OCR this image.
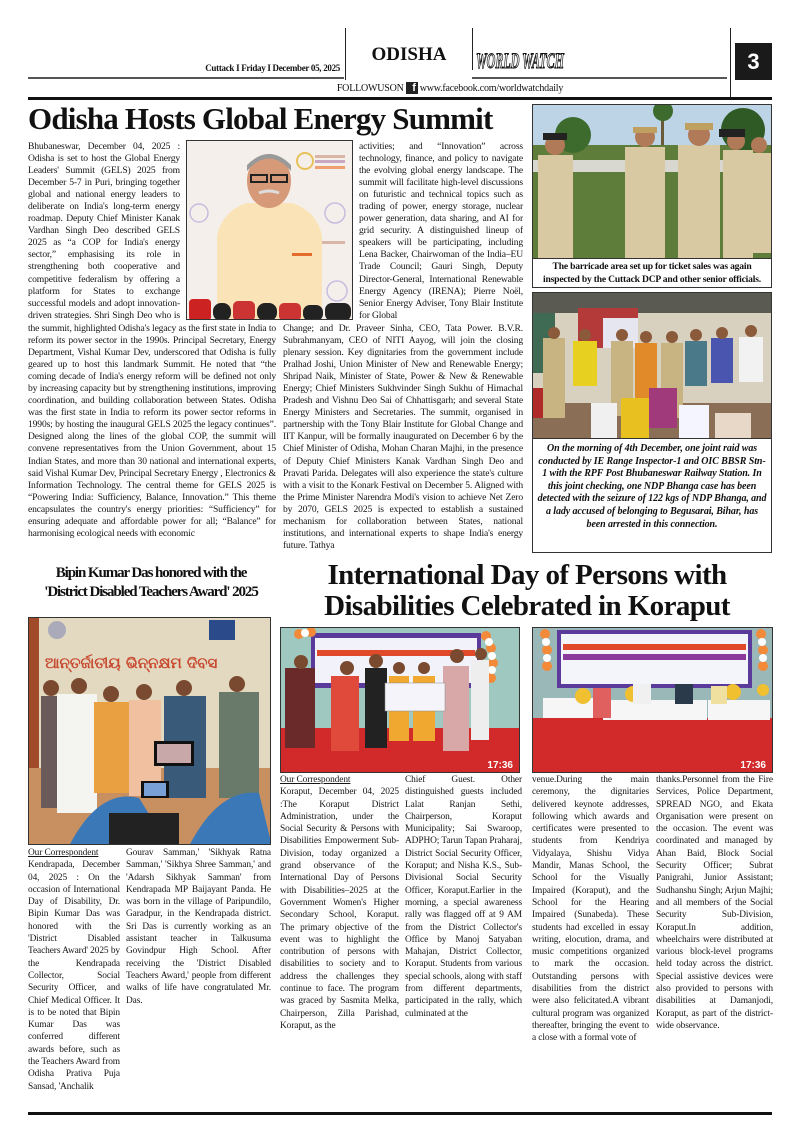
Cuttack I Friday I December 05, 2025
ODISHA	WORLD WATCH	3
FOLLOWUSON f www.facebook.com/worldwatchdaily
Odisha Hosts Global Energy Summit

Bhubaneswar, December 04, 2025 : Odisha is set to host the Global Energy Leaders' Summit (GELS) 2025 from December 5-7 in Puri, bringing together global and national energy leaders to deliberate on India's long-term energy roadmap. Deputy Chief Minister Kanak Vardhan Singh Deo described GELS 2025 as “a COP for India's energy sector,” emphasising its role in strengthening both cooperative and competitive federalism by offering a platform for States to exchange successful models and adopt innovation-driven strategies. Shri Singh Deo who is

activities; and “Innovation” across technology, finance, and policy to navigate the evolving global energy landscape. The summit will facilitate high-level discussions on futuristic and technical topics such as trading of power, energy storage, nuclear power generation, data sharing, and AI for grid security. A distinguished lineup of speakers will be participating, including Lena Backer, Chairwoman of the India–EU Trade Council; Gauri Singh, Deputy Director-General, International Renewable Energy Agency (IRENA); Pierre Noël, Senior Energy Adviser, Tony Blair Institute for Global

the summit, highlighted Odisha's legacy as the first state in India to reform its power sector in the 1990s. Principal Secretary, Energy Department, Vishal Kumar Dev, underscored that Odisha is fully geared up to host this landmark Summit. He noted that “the coming decade of India's energy reform will be defined not only by increasing capacity but by strengthening institutions, improving coordination, and building collaboration between States. Odisha was the first state in India to reform its power sector reforms in 1990s; by hosting the inaugural GELS 2025 the legacy continues”. Designed along the lines of the global COP, the summit will convene representatives from the Union Government, about 15 Indian States, and more than 30 national and international experts, said Vishal Kumar Dev, Principal Secretary Energy , Electronics & Information Technology. The central theme for GELS 2025 is “Powering India: Sufficiency, Balance, Innovation.” This theme encapsulates the country's energy priorities: “Sufficiency” for ensuring adequate and affordable power for all; “Balance” for harmonising ecological needs with economic

Change; and Dr. Praveer Sinha, CEO, Tata Power. B.V.R. Subrahmanyam, CEO of NITI Aayog, will join the closing plenary session. Key dignitaries from the government include Pralhad Joshi, Union Minister of New and Renewable Energy; Shripad Naik, Minister of State, Power & New & Renewable Energy; Chief Ministers Sukhvinder Singh Sukhu of Himachal Pradesh and Vishnu Deo Sai of Chhattisgarh; and several State Energy Ministers and Secretaries. The summit, organised in partnership with the Tony Blair Institute for Global Change and IIT Kanpur, will be formally inaugurated on December 6 by the Chief Minister of Odisha, Mohan Charan Majhi, in the presence of Deputy Chief Ministers Kanak Vardhan Singh Deo and Pravati Parida. Delegates will also experience the state's culture with a visit to the Konark Festival on December 5. Aligned with the Prime Minister Narendra Modi's vision to achieve Net Zero by 2070, GELS 2025 is expected to establish a sustained mechanism for collaboration between States, national institutions, and international experts to shape India's energy future. Tathya

The barricade area set up for ticket sales was again inspected by the Cuttack DCP and other senior officials.
On the morning of 4th December, one joint raid was conducted by IE Range Inspector-1 and OIC BBSR Stn-1 with the RPF Post Bhubaneswar Railway Station. In this joint checking, one NDP Bhanga case has been detected with the seizure of 122 kgs of NDP Bhanga, and a lady accused of belonging to Begusarai, Bihar, has been arrested in this connection.
Bipin Kumar Das honored with the
'District Disabled Teachers Award' 2025
ଆନ୍ତର୍ଜାତୀୟ ଭିନ୍ନକ୍ଷମ ଦିବସ
Our Correspondent
Kendrapada, December 04, 2025 : On the occasion of International Day of Disability, Dr. Bipin Kumar Das was honored with the 'District Disabled Teachers Award' 2025 by the Kendrapada Collector, Social Security Officer, and Chief Medical Officer. It is to be noted that Bipin Kumar Das was conferred different awards before, such as the Teachers Award from Odisha Prativa Puja Sansad, 'Anchalik

Gourav Samman,' 'Sikhyak Ratna Samman,' 'Sikhya Shree Samman,' and 'Adarsh Sikhyak Samman' from Kendrapada MP Baijayant Panda. He was born in the village of Paripundilo, Garadpur, in the Kendrapada district. Sri Das is currently working as an assistant teacher in Talkusuma Govindpur High School. After receiving the 'District Disabled Teachers Award,' people from different walks of life have congratulated Mr. Das.

International Day of Persons with
Disabilities Celebrated in Koraput
17:36	17:36
Our Correspondent
Koraput, December 04, 2025 :The Koraput District Administration, under the Social Security & Persons with Disabilities Empowerment Sub-Division, today organized a grand observance of the International Day of Persons with Disabilities–2025 at the Government Women's Higher Secondary School, Koraput. The primary objective of the event was to highlight the contribution of persons with disabilities to society and to address the challenges they continue to face. The program was graced by Sasmita Melka, Chairperson, Zilla Parishad, Koraput, as the

Chief Guest. Other distinguished guests included Lalat Ranjan Sethi, Chairperson, Koraput Municipality; Sai Swaroop, ADPHO; Tarun Tapan Praharaj, District Social Security Officer, Koraput; and Nisha K.S., Sub-Divisional Social Security Officer, Koraput.Earlier in the morning, a special awareness rally was flagged off at 9 AM from the District Collector's Office by Manoj Satyaban Mahajan, District Collector, Koraput. Students from various special schools, along with staff from different departments, participated in the rally, which culminated at the

venue.During the main ceremony, the dignitaries delivered keynote addresses, following which awards and certificates were presented to students from Kendriya Vidyalaya, Shishu Vidya Mandir, Manas School, the School for the Visually Impaired (Koraput), and the School for the Hearing Impaired (Sunabeda). These students had excelled in essay writing, elocution, drama, and music competitions organized to mark the occasion. Outstanding persons with disabilities from the district were also felicitated.A vibrant cultural program was organized thereafter, bringing the event to a close with a formal vote of

thanks.Personnel from the Fire Services, Police Department, SPREAD NGO, and Ekata Organisation were present on the occasion. The event was coordinated and managed by Ahan Baid, Block Social Security Officer; Subrat Panigrahi, Junior Assistant; Sudhanshu Singh; Arjun Majhi; and all members of the Social Security Sub-Division, Koraput.In addition, wheelchairs were distributed at various block-level programs held today across the district. Special assistive devices were also provided to persons with disabilities at Damanjodi, Koraput, as part of the district-wide observance.
